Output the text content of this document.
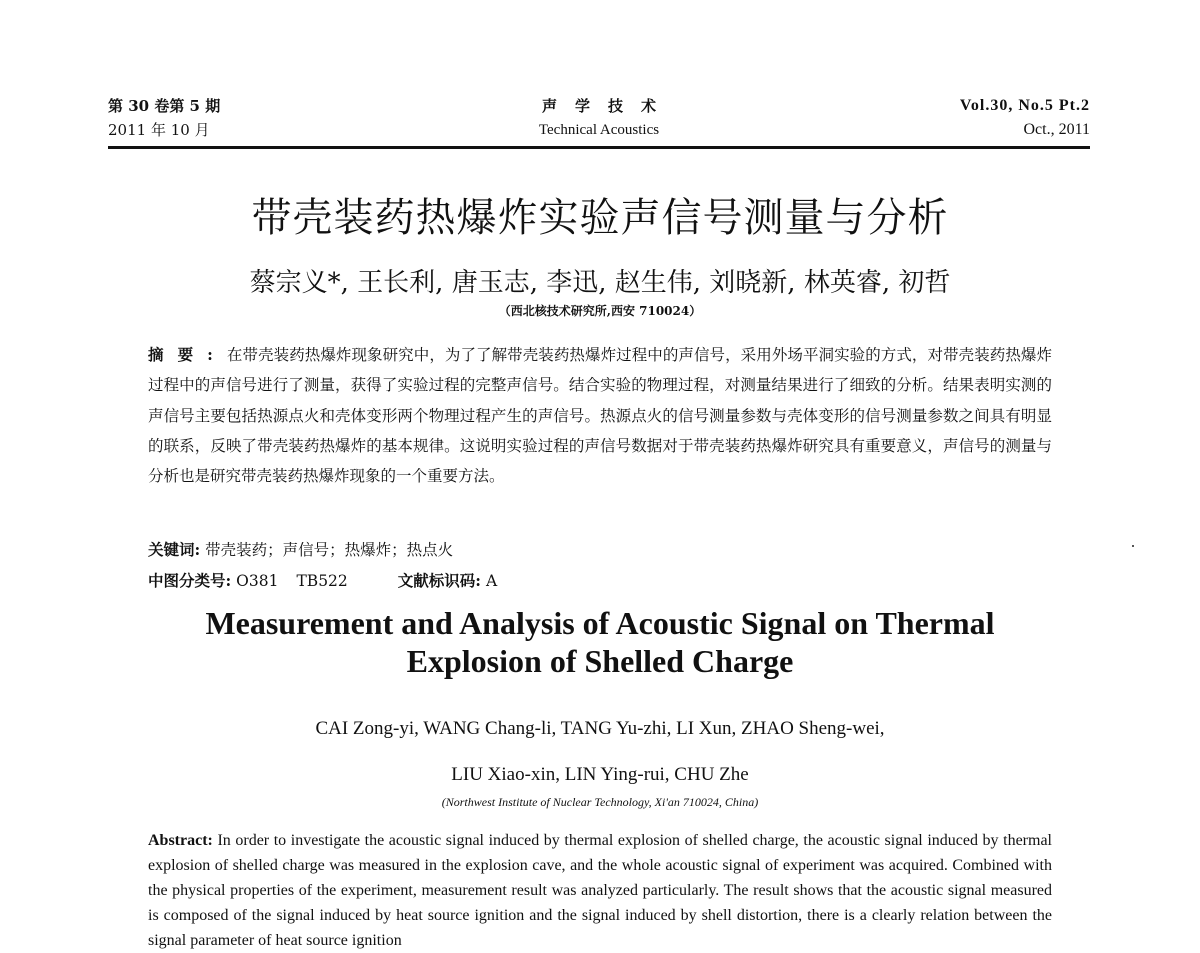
第 30 卷第 5 期
2011 年 10 月
声学技术
Technical Acoustics
Vol.30, No.5 Pt.2
Oct., 2011
带壳装药热爆炸实验声信号测量与分析
蔡宗义*, 王长利, 唐玉志, 李迅, 赵生伟, 刘晓新, 林英睿, 初哲
（西北核技术研究所,西安 710024）
摘要:在带壳装药热爆炸现象研究中，为了了解带壳装药热爆炸过程中的声信号，采用外场平洞实验的方式，对带壳装药热爆炸过程中的声信号进行了测量，获得了实验过程的完整声信号。结合实验的物理过程，对测量结果进行了细致的分析。结果表明实测的声信号主要包括热源点火和壳体变形两个物理过程产生的声信号。热源点火的信号测量参数与壳体变形的信号测量参数之间具有明显的联系，反映了带壳装药热爆炸的基本规律。这说明实验过程的声信号数据对于带壳装药热爆炸研究具有重要意义，声信号的测量与分析也是研究带壳装药热爆炸现象的一个重要方法。
关键词: 带壳装药；声信号；热爆炸；热点火
中图分类号: O381 TB522	文献标识码: A
Measurement and Analysis of Acoustic Signal on Thermal
Explosion of Shelled Charge
CAI Zong-yi, WANG Chang-li, TANG Yu-zhi, LI Xun, ZHAO Sheng-wei,
LIU Xiao-xin, LIN Ying-rui, CHU Zhe
(Northwest Institute of Nuclear Technology, Xi'an 710024, China)
Abstract: In order to investigate the acoustic signal induced by thermal explosion of shelled charge, the acoustic signal induced by thermal explosion of shelled charge was measured in the explosion cave, and the whole acoustic signal of experiment was acquired. Combined with the physical properties of the experiment, measurement result was analyzed particularly. The result shows that the acoustic signal measured is composed of the signal induced by heat source ignition and the signal induced by shell distortion, there is a clearly relation between the signal parameter of heat source ignition
